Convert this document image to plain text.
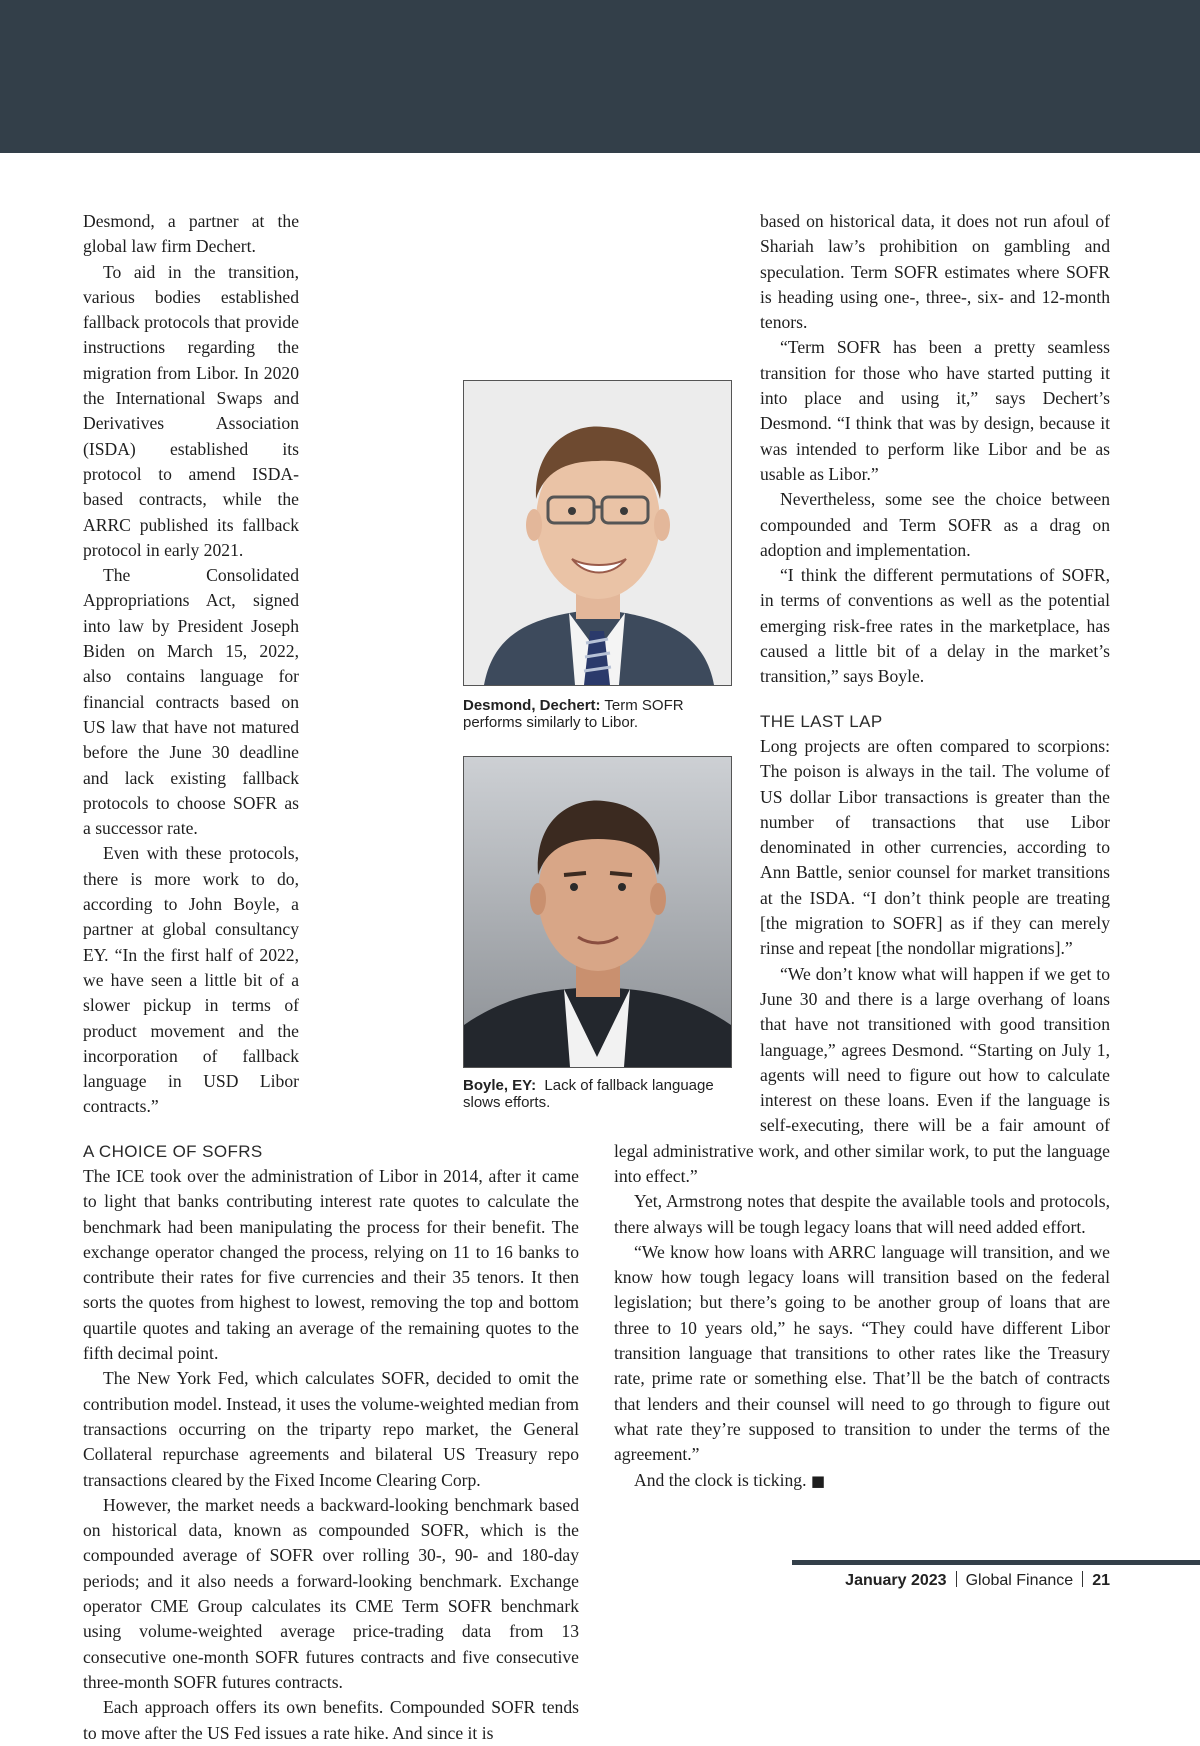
Desmond, a partner at the global law firm Dechert.

To aid in the transition, various bodies established fallback protocols that provide instructions regarding the migration from Libor. In 2020 the International Swaps and Derivatives Association (ISDA) established its protocol to amend ISDA-based contracts, while the ARRC published its fallback protocol in early 2021.

The Consolidated Appropriations Act, signed into law by President Joseph Biden on March 15, 2022, also contains language for financial contracts based on US law that have not matured before the June 30 deadline and lack existing fallback protocols to choose SOFR as a successor rate.

Even with these protocols, there is more work to do, according to John Boyle, a partner at global consultancy EY. “In the first half of 2022, we have seen a little bit of a slower pickup in terms of product movement and the incorporation of fallback language in USD Libor contracts.”

A CHOICE OF SOFRS

The ICE took over the administration of Libor in 2014, after it came to light that banks contributing interest rate quotes to calculate the benchmark had been manipulating the process for their benefit. The exchange operator changed the process, relying on 11 to 16 banks to contribute their rates for five currencies and their 35 tenors. It then sorts the quotes from highest to lowest, removing the top and bottom quartile quotes and taking an average of the remaining quotes to the fifth decimal point.

The New York Fed, which calculates SOFR, decided to omit the contribution model. Instead, it uses the volume-weighted median from transactions occurring on the triparty repo market, the General Collateral repurchase agreements and bilateral US Treasury repo transactions cleared by the Fixed Income Clearing Corp.

However, the market needs a backward-looking benchmark based on historical data, known as compounded SOFR, which is the compounded average of SOFR over rolling 30-, 90- and 180-day periods; and it also needs a forward-looking benchmark. Exchange operator CME Group calculates its CME Term SOFR benchmark using volume-weighted average price-trading data from 13 consecutive one-month SOFR futures contracts and five consecutive three-month SOFR futures contracts.

Each approach offers its own benefits. Compounded SOFR tends to move after the US Fed issues a rate hike. And since it is

based on historical data, it does not run afoul of Shariah law’s prohibition on gambling and speculation. Term SOFR estimates where SOFR is heading using one-, three-, six- and 12-month tenors.

“Term SOFR has been a pretty seamless transition for those who have started putting it into place and using it,” says Dechert’s Desmond. “I think that was by design, because it was intended to perform like Libor and be as usable as Libor.”

Nevertheless, some see the choice between compounded and Term SOFR as a drag on adoption and implementation.

“I think the different permutations of SOFR, in terms of conventions as well as the potential emerging risk-free rates in the marketplace, has caused a little bit of a delay in the market’s transition,” says Boyle.

THE LAST LAP

Long projects are often compared to scorpions: The poison is always in the tail. The volume of US dollar Libor transactions is greater than the number of transactions that use Libor denominated in other currencies, according to Ann Battle, senior counsel for market transitions at the ISDA. “I don’t think people are treating [the migration to SOFR] as if they can merely rinse and repeat [the nondollar migrations].”

“We don’t know what will happen if we get to June 30 and there is a large overhang of loans that have not transitioned with good transition language,” agrees Desmond. “Starting on July 1, agents will need to figure out how to calculate interest on these loans. Even if the language is self-executing, there will be a fair amount of legal administrative work, and other similar work, to put the language into effect.”

Yet, Armstrong notes that despite the available tools and protocols, there always will be tough legacy loans that will need added effort.

“We know how loans with ARRC language will transition, and we know how tough legacy loans will transition based on the federal legislation; but there’s going to be another group of loans that are three to 10 years old,” he says. “They could have different Libor transition language that transitions to other rates like the Treasury rate, prime rate or something else. That’ll be the batch of contracts that lenders and their counsel will need to go through to figure out what rate they’re supposed to transition to under the terms of the agreement.”

And the clock is ticking. ■

Desmond, Dechert: Term SOFR performs similarly to Libor.
Boyle, EY:  Lack of fallback language slows efforts.
January 2023 Global Finance 21
